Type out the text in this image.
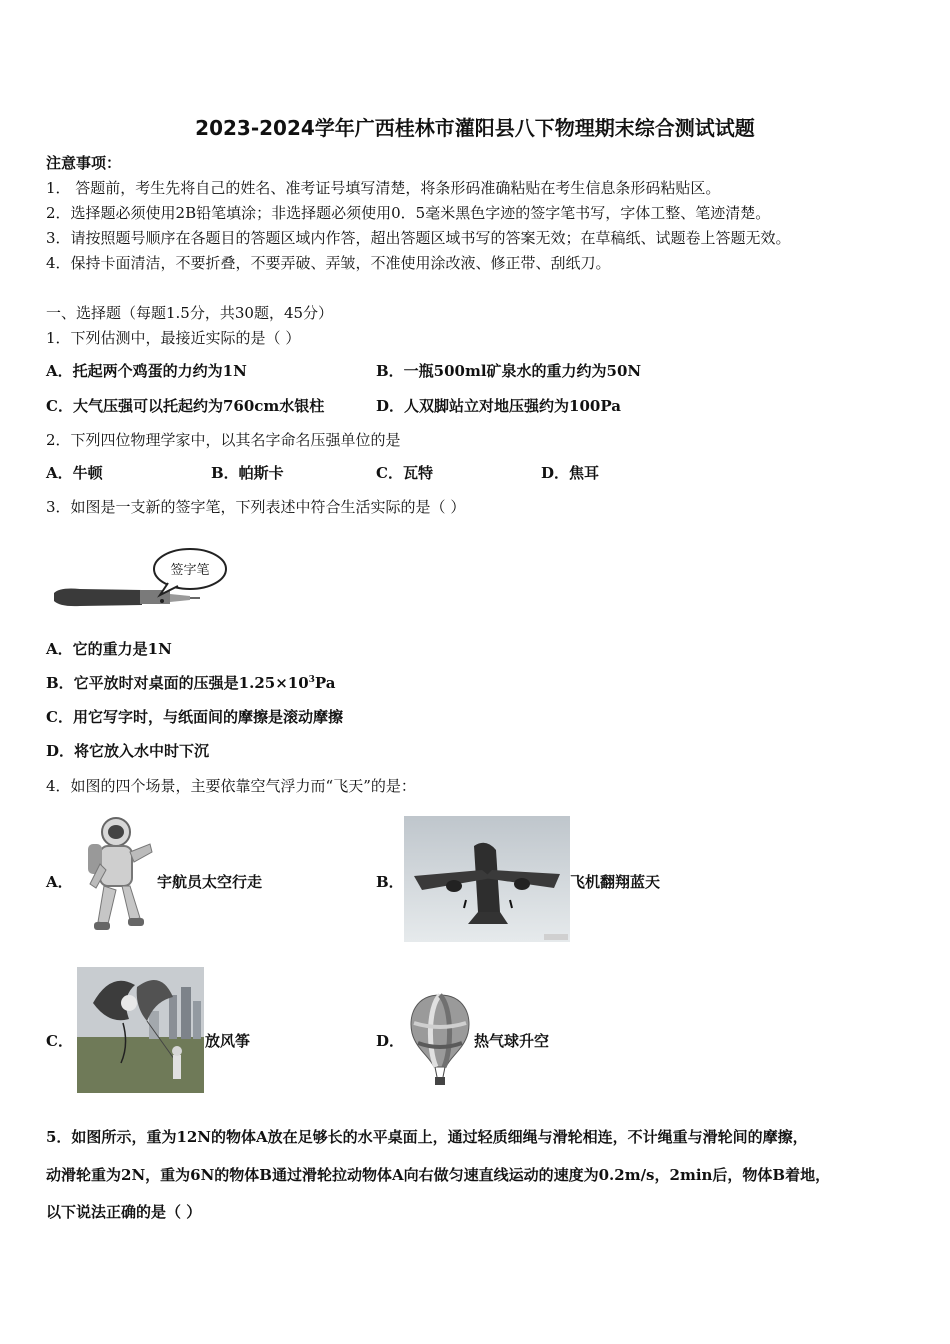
2023-2024学年广西桂林市灌阳县八下物理期末综合测试试题
注意事项：
1． 答题前，考生先将自己的姓名、准考证号填写清楚，将条形码准确粘贴在考生信息条形码粘贴区。
2．选择题必须使用2B铅笔填涂；非选择题必须使用0．5毫米黑色字迹的签字笔书写，字体工整、笔迹清楚。
3．请按照题号顺序在各题目的答题区域内作答，超出答题区域书写的答案无效；在草稿纸、试题卷上答题无效。
4．保持卡面清洁，不要折叠，不要弄破、弄皱，不准使用涂改液、修正带、刮纸刀。
一、选择题（每题1.5分，共30题，45分）
1．下列估测中，最接近实际的是（ ）
A．托起两个鸡蛋的力约为1N	B．一瓶500ml矿泉水的重力约为50N
C．大气压强可以托起约为760cm水银柱	D．人双脚站立对地压强约为100Pa
2．下列四位物理学家中，以其名字命名压强单位的是
A．牛顿	B．帕斯卡	C．瓦特	D．焦耳
3．如图是一支新的签字笔，下列表述中符合生活实际的是（ ）
签字笔
A．它的重力是1N
B．它平放时对桌面的压强是$1.25\times 10^3Pa$
C．用它写字时，与纸面间的摩擦是滚动摩擦
D．将它放入水中时下沉
4．如图的四个场景，主要依靠空气浮力而“飞天”的是：
A．	宇航员太空行走	B．	飞机翻翔蓝天
C．	放风筝	D．	热气球升空
5．如图所示，重为12N的物体A放在足够长的水平桌面上，通过轻质细绳与滑轮相连，不计绳重与滑轮间的摩擦，
动滑轮重为2N，重为6N的物体B通过滑轮拉动物体A向右做匀速直线运动的速度为0.2m/s，2min后，物体B着地，
以下说法正确的是（ ）
